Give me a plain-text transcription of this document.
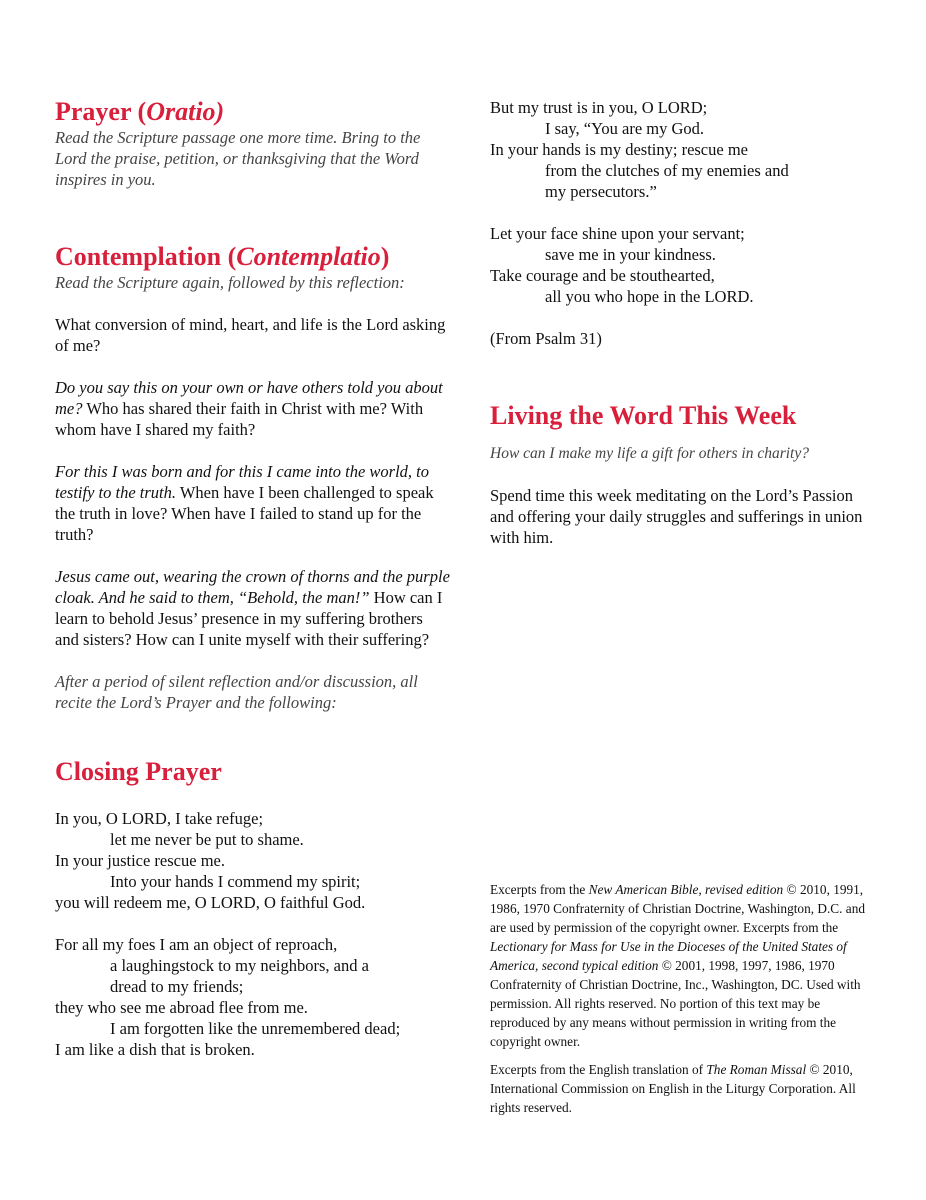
Prayer (Oratio)

Read the Scripture passage one more time. Bring to the Lord the praise, petition, or thanksgiving that the Word inspires in you.

Contemplation (Contemplatio)

Read the Scripture again, followed by this reflection:

What conversion of mind, heart, and life is the Lord asking of me?

Do you say this on your own or have others told you about me? Who has shared their faith in Christ with me? With whom have I shared my faith?

For this I was born and for this I came into the world, to testify to the truth. When have I been challenged to speak the truth in love? When have I failed to stand up for the truth?

Jesus came out, wearing the crown of thorns and the purple cloak. And he said to them, “Behold, the man!” How can I learn to behold Jesus’ presence in my suffering brothers and sisters? How can I unite myself with their suffering?

After a period of silent reflection and/or discussion, all recite the Lord’s Prayer and the following:

Closing Prayer
In you, O LORD, I take refuge;
let me never be put to shame.
In your justice rescue me.
Into your hands I commend my spirit;
you will redeem me, O LORD, O faithful God.
For all my foes I am an object of reproach,
a laughingstock to my neighbors, and a
dread to my friends;
they who see me abroad flee from me.
I am forgotten like the unremembered dead;
I am like a dish that is broken.
But my trust is in you, O LORD;
I say, “You are my God.
In your hands is my destiny; rescue me
from the clutches of my enemies and
my persecutors.”
Let your face shine upon your servant;
save me in your kindness.
Take courage and be stouthearted,
all you who hope in the LORD.
(From Psalm 31)
Living the Word This Week

How can I make my life a gift for others in charity?

Spend time this week meditating on the Lord’s Passion and offering your daily struggles and sufferings in union with him.

Excerpts from the New American Bible, revised edition © 2010, 1991, 1986, 1970 Confraternity of Christian Doctrine, Washington, D.C. and are used by permission of the copyright owner. Excerpts from the Lectionary for Mass for Use in the Dioceses of the United States of America, second typical edition © 2001, 1998, 1997, 1986, 1970 Confraternity of Christian Doctrine, Inc., Washington, DC. Used with permission. All rights reserved. No portion of this text may be reproduced by any means without permission in writing from the copyright owner.

Excerpts from the English translation of The Roman Missal © 2010, International Commission on English in the Liturgy Corporation. All rights reserved.
